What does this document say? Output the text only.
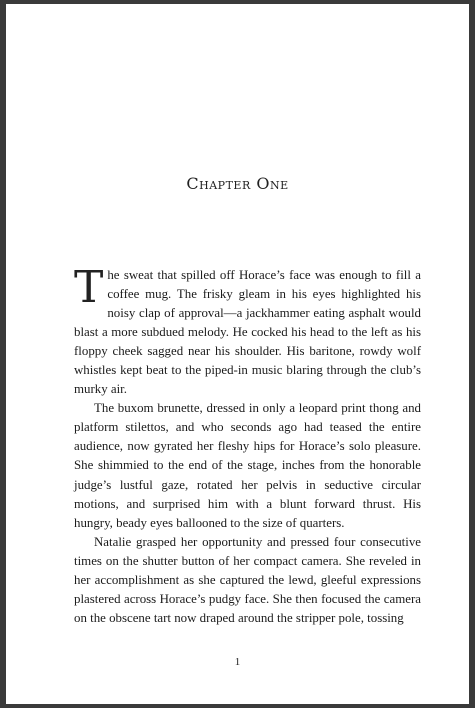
Chapter One

The sweat that spilled off Horace’s face was enough to fill a coffee mug. The frisky gleam in his eyes highlighted his noisy clap of approval—a jackhammer eating asphalt would blast a more subdued melody. He cocked his head to the left as his floppy cheek sagged near his shoulder. His baritone, rowdy wolf whistles kept beat to the piped-in music blaring through the club’s murky air.

The buxom brunette, dressed in only a leopard print thong and platform stilettos, and who seconds ago had teased the entire audience, now gyrated her fleshy hips for Horace’s solo pleasure. She shimmied to the end of the stage, inches from the honorable judge’s lustful gaze, rotated her pelvis in seductive circular motions, and surprised him with a blunt forward thrust. His hungry, beady eyes ballooned to the size of quarters.

Natalie grasped her opportunity and pressed four consecutive times on the shutter button of her compact camera. She reveled in her accomplishment as she captured the lewd, gleeful expressions plastered across Horace’s pudgy face. She then focused the camera on the obscene tart now draped around the stripper pole, tossing

1
